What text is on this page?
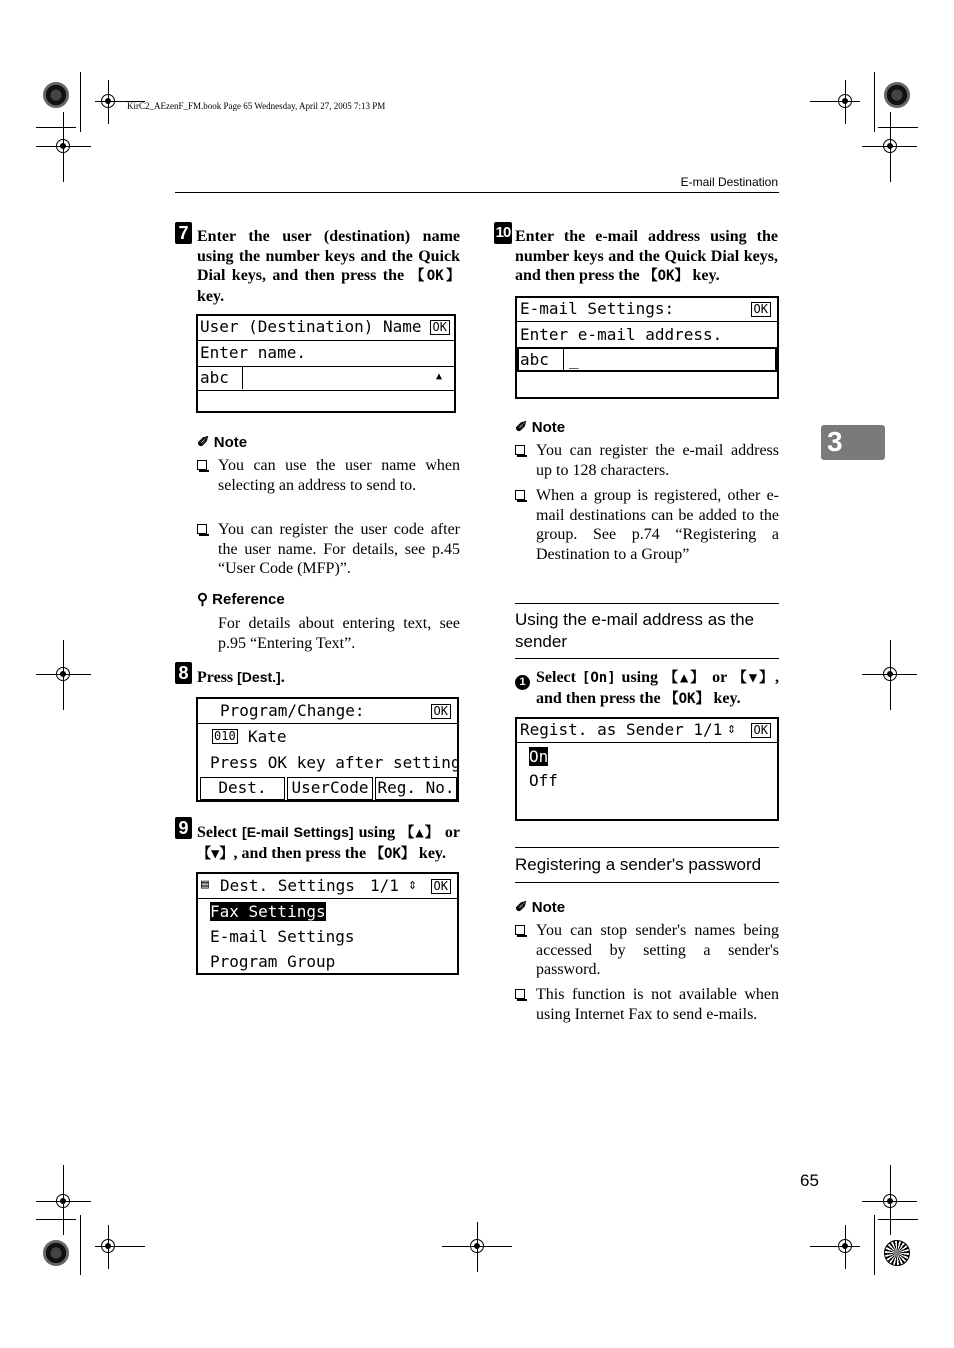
KirC2_AEzenF_FM.book Page 65 Wednesday, April 27, 2005 7:13 PM
E-mail Destination
3
7 Enter the user (destination) name using the number keys and the Quick Dial keys, and then press the 【OK】 key.
User (Destination) Name OK
Enter name.
abc	▲
✐ Note
You can use the user name when selecting an address to send to.
You can register the user code after the user name. For details, see p.45 “User Code (MFP)”.
⚲ Reference
For details about entering text, see p.95 “Entering Text”.
8 Press [Dest.].
Program/Change:	OK
010 Kate
Press OK key after setting
Dest.	UserCode Reg. No.
9 Select [E-mail Settings] using 【▲】 or 【▼】, and then press the 【OK】 key.
▤ Dest. Settings 1/1 ⇕ OK
Fax Settings
E-mail Settings
Program Group
10 Enter the e-mail address using the number keys and the Quick Dial keys, and then press the 【OK】 key.
E-mail Settings:	OK
Enter e-mail address.
abc _
✐ Note
You can register the e-mail address up to 128 characters.
When a group is registered, other e-mail destinations can be added to the group. See p.74 “Registering a Destination to a Group”
Using the e-mail address as the sender
1 Select [On] using 【▲】 or 【▼】, and then press the 【OK】 key.
Regist. as Sender 1/1 ⇕ OK
On
Off
Registering a sender's password
✐ Note
You can stop sender's names being accessed by setting a sender's password.
This function is not available when using Internet Fax to send e-mails.
65
